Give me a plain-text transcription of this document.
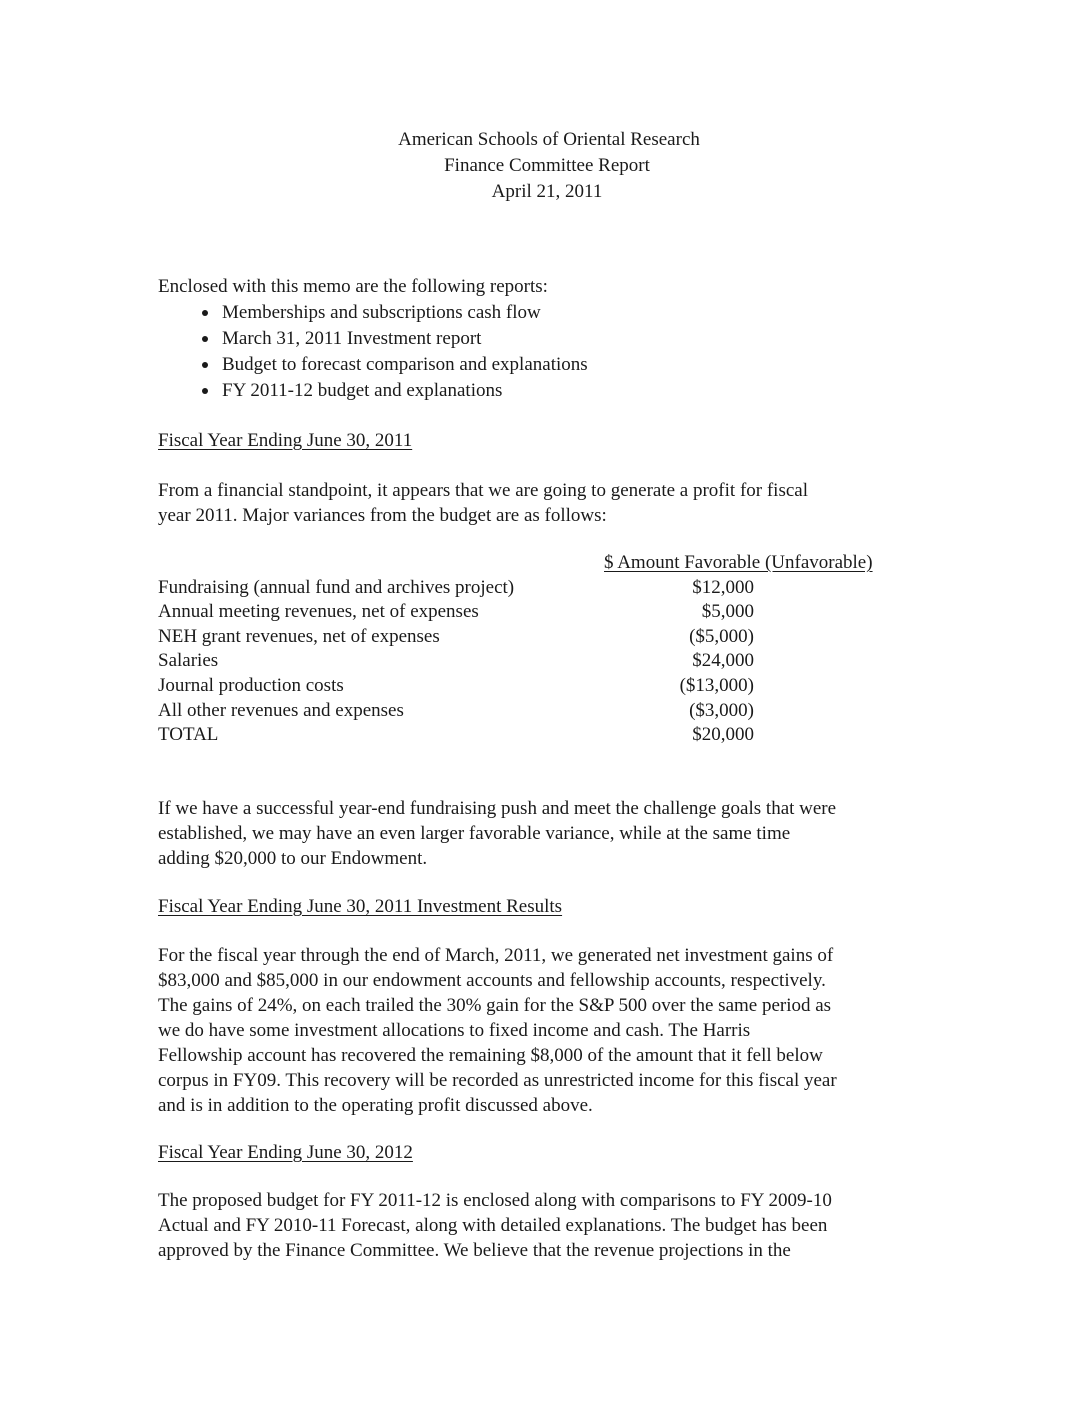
American Schools of Oriental Research
Finance Committee Report
April 21, 2011
Enclosed with this memo are the following reports:
Memberships and subscriptions cash flow
March 31, 2011 Investment report
Budget to forecast comparison and explanations
FY 2011-12 budget and explanations
Fiscal Year Ending June 30, 2011
From a financial standpoint, it appears that we are going to generate a profit for fiscal
year 2011. Major variances from the budget are as follows:
	$ Amount Favorable (Unfavorable)
Fundraising (annual fund and archives project)	$12,000
Annual meeting revenues, net of expenses	$5,000
NEH grant revenues, net of expenses	($5,000)
Salaries	$24,000
Journal production costs	($13,000)
All other revenues and expenses	($3,000)
TOTAL	$20,000
If we have a successful year-end fundraising push and meet the challenge goals that were
established, we may have an even larger favorable variance, while at the same time
adding $20,000 to our Endowment.
Fiscal Year Ending June 30, 2011 Investment Results
For the fiscal year through the end of March, 2011, we generated net investment gains of
$83,000 and $85,000 in our endowment accounts and fellowship accounts, respectively.
The gains of 24%, on each trailed the 30% gain for the S&P 500 over the same period as
we do have some investment allocations to fixed income and cash. The Harris
Fellowship account has recovered the remaining $8,000 of the amount that it fell below
corpus in FY09. This recovery will be recorded as unrestricted income for this fiscal year
and is in addition to the operating profit discussed above.
Fiscal Year Ending June 30, 2012
The proposed budget for FY 2011-12 is enclosed along with comparisons to FY 2009-10
Actual and FY 2010-11 Forecast, along with detailed explanations. The budget has been
approved by the Finance Committee. We believe that the revenue projections in the
